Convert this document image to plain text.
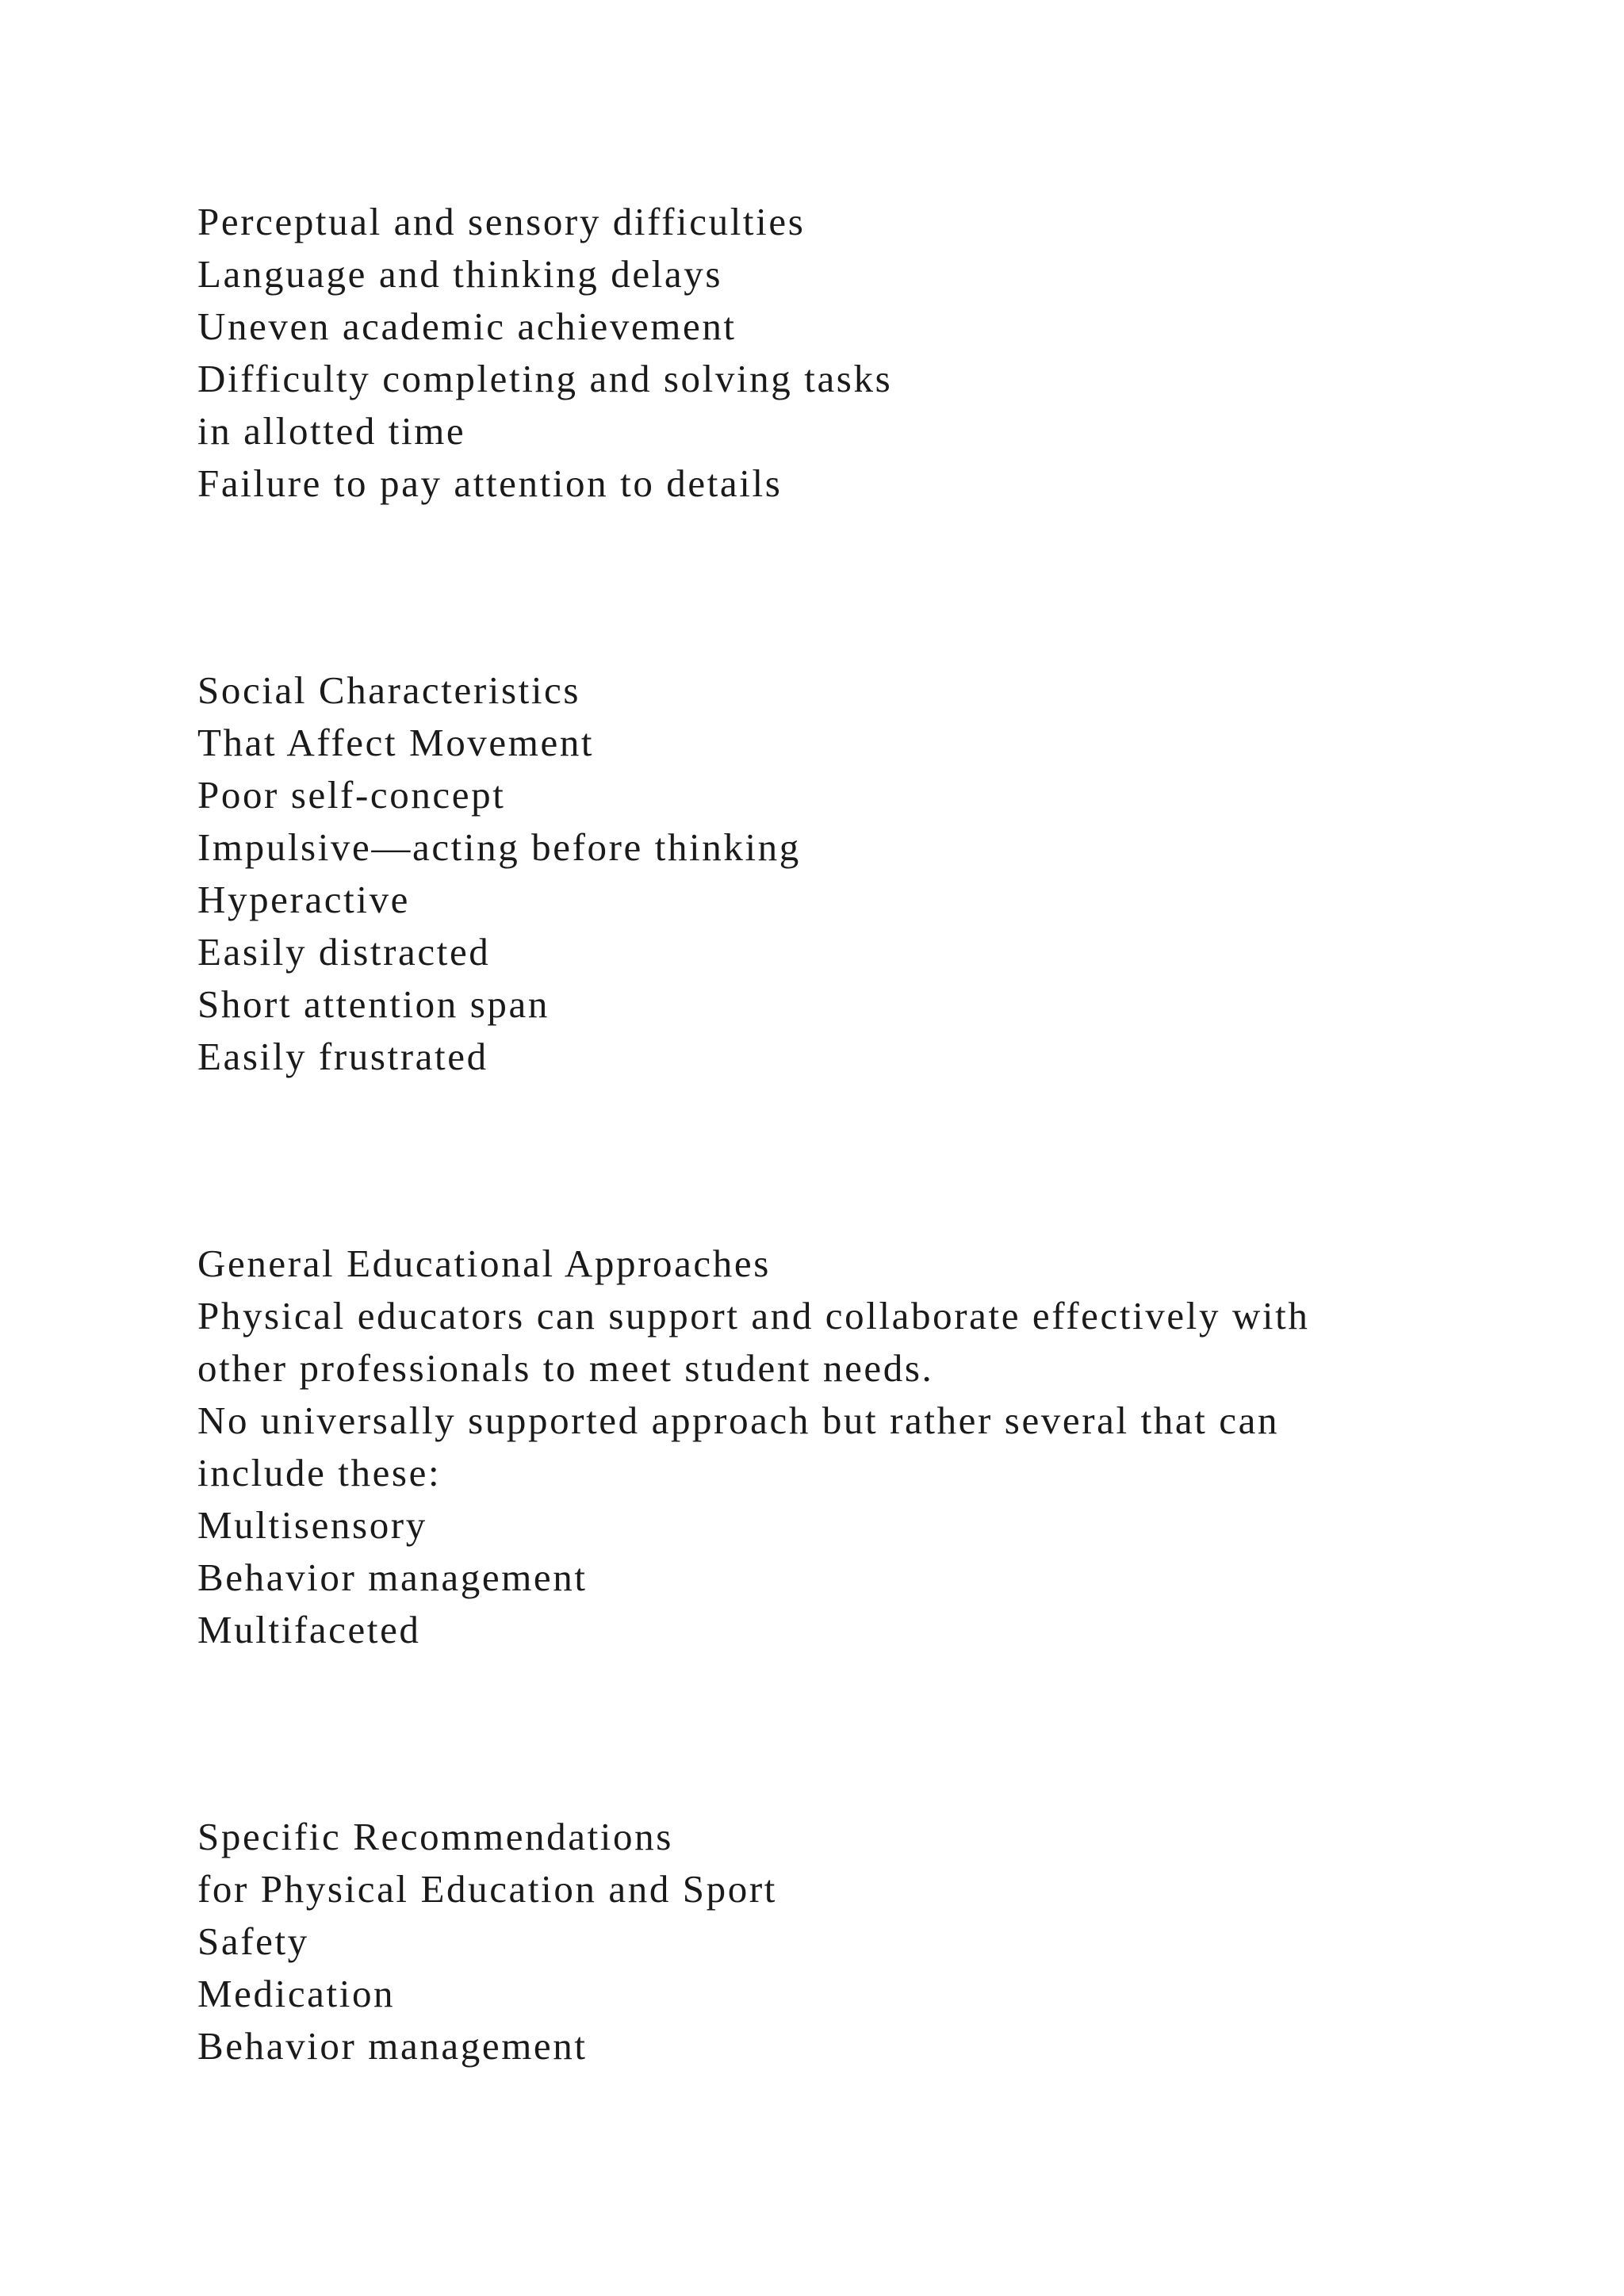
Perceptual and sensory difficulties

Language and thinking delays

Uneven academic achievement

Difficulty completing and solving tasks

in allotted time

Failure to pay attention to details

Social Characteristics

That Affect Movement

Poor self-concept

Impulsive—acting before thinking

Hyperactive

Easily distracted

Short attention span

Easily frustrated

General Educational Approaches

Physical educators can support and collaborate effectively with

other professionals to meet student needs.

No universally supported approach but rather several that can

include these:

Multisensory

Behavior management

Multifaceted

Specific Recommendations

for Physical Education and Sport

Safety

Medication

Behavior management
